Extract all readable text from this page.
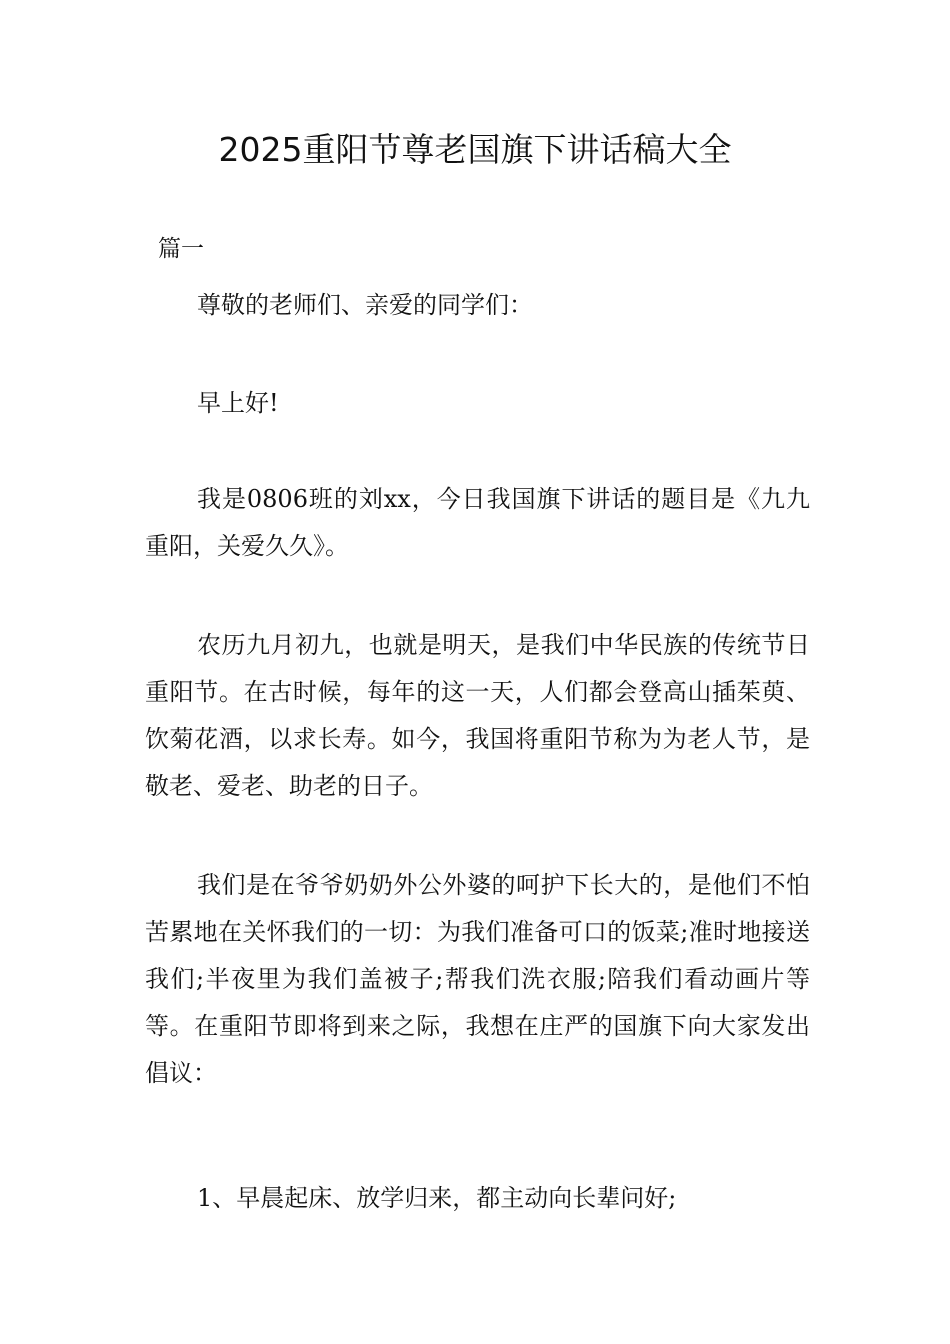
2025重阳节尊老国旗下讲话稿大全
篇一

尊敬的老师们、亲爱的同学们：

早上好!

我是0806班的刘xx，今日我国旗下讲话的题目是《九九重阳，关爱久久》。

农历九月初九，也就是明天，是我们中华民族的传统节日重阳节。在古时候，每年的这一天，人们都会登高山插茱萸、饮菊花酒，以求长寿。如今，我国将重阳节称为为老人节，是敬老、爱老、助老的日子。

我们是在爷爷奶奶外公外婆的呵护下长大的，是他们不怕苦累地在关怀我们的一切：为我们准备可口的饭菜;准时地接送我们;半夜里为我们盖被子;帮我们洗衣服;陪我们看动画片等等。在重阳节即将到来之际，我想在庄严的国旗下向大家发出倡议：

1、早晨起床、放学归来，都主动向长辈问好;
